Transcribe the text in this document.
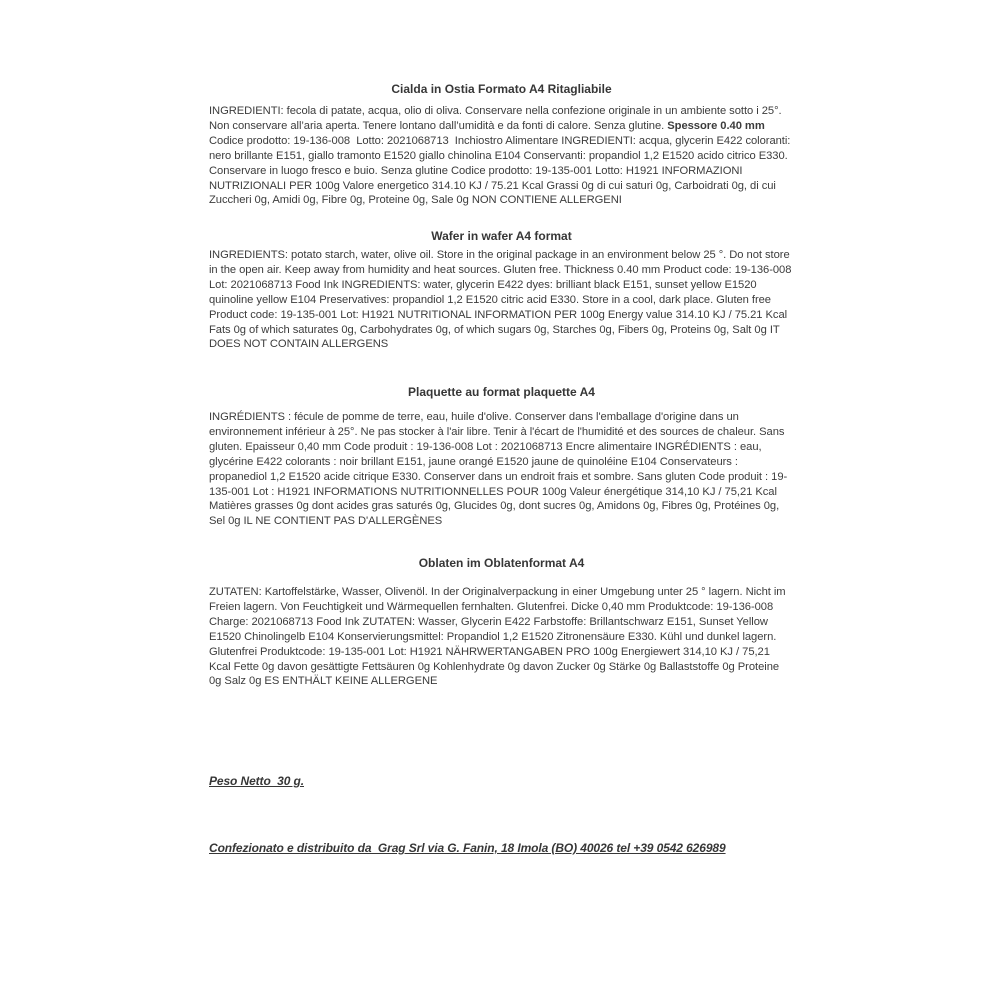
Cialda in Ostia Formato A4 Ritagliabile

INGREDIENTI: fecola di patate, acqua, olio di oliva. Conservare nella confezione originale in un ambiente sotto i 25°. Non conservare all’aria aperta. Tenere lontano dall’umidità e da fonti di calore. Senza glutine. Spessore 0.40 mm Codice prodotto: 19-136-008  Lotto: 2021068713  Inchiostro Alimentare INGREDIENTI: acqua, glycerin E422 coloranti: nero brillante E151, giallo tramonto E1520 giallo chinolina E104 Conservanti: propandiol 1,2 E1520 acido citrico E330. Conservare in luogo fresco e buio. Senza glutine Codice prodotto: 19-135-001 Lotto: H1921 INFORMAZIONI NUTRIZIONALI PER 100g Valore energetico 314.10 KJ / 75.21 Kcal Grassi 0g di cui saturi 0g, Carboidrati 0g, di cui Zuccheri 0g, Amidi 0g, Fibre 0g, Proteine 0g, Sale 0g NON CONTIENE ALLERGENI

Wafer in wafer A4 format

INGREDIENTS: potato starch, water, olive oil. Store in the original package in an environment below 25 °. Do not store in the open air. Keep away from humidity and heat sources. Gluten free. Thickness 0.40 mm Product code: 19-136-008 Lot: 2021068713 Food Ink INGREDIENTS: water, glycerin E422 dyes: brilliant black E151, sunset yellow E1520 quinoline yellow E104 Preservatives: propandiol 1,2 E1520 citric acid E330. Store in a cool, dark place. Gluten free Product code: 19-135-001 Lot: H1921 NUTRITIONAL INFORMATION PER 100g Energy value 314.10 KJ / 75.21 Kcal Fats 0g of which saturates 0g, Carbohydrates 0g, of which sugars 0g, Starches 0g, Fibers 0g, Proteins 0g, Salt 0g IT DOES NOT CONTAIN ALLERGENS

Plaquette au format plaquette A4

INGRÉDIENTS : fécule de pomme de terre, eau, huile d'olive. Conserver dans l'emballage d'origine dans un environnement inférieur à 25°. Ne pas stocker à l'air libre. Tenir à l'écart de l'humidité et des sources de chaleur. Sans gluten. Epaisseur 0,40 mm Code produit : 19-136-008 Lot : 2021068713 Encre alimentaire INGRÉDIENTS : eau, glycérine E422 colorants : noir brillant E151, jaune orangé E1520 jaune de quinoléine E104 Conservateurs : propanediol 1,2 E1520 acide citrique E330. Conserver dans un endroit frais et sombre. Sans gluten Code produit : 19-135-001 Lot : H1921 INFORMATIONS NUTRITIONNELLES POUR 100g Valeur énergétique 314,10 KJ / 75,21 Kcal Matières grasses 0g dont acides gras saturés 0g, Glucides 0g, dont sucres 0g, Amidons 0g, Fibres 0g, Protéines 0g, Sel 0g IL NE CONTIENT PAS D'ALLERGÈNES

Oblaten im Oblatenformat A4

ZUTATEN: Kartoffelstärke, Wasser, Olivenöl. In der Originalverpackung in einer Umgebung unter 25 ° lagern. Nicht im Freien lagern. Von Feuchtigkeit und Wärmequellen fernhalten. Glutenfrei. Dicke 0,40 mm Produktcode: 19-136-008 Charge: 2021068713 Food Ink ZUTATEN: Wasser, Glycerin E422 Farbstoffe: Brillantschwarz E151, Sunset Yellow E1520 Chinolingelb E104 Konservierungsmittel: Propandiol 1,2 E1520 Zitronensäure E330. Kühl und dunkel lagern. Glutenfrei Produktcode: 19-135-001 Lot: H1921 NÄHRWERTANGABEN PRO 100g Energiewert 314,10 KJ / 75,21 Kcal Fette 0g davon gesättigte Fettsäuren 0g Kohlenhydrate 0g davon Zucker 0g Stärke 0g Ballaststoffe 0g Proteine 0g Salz 0g ES ENTHÄLT KEINE ALLERGENE

Peso Netto  30 g.
Confezionato e distribuito da  Grag Srl via G. Fanin, 18 Imola (BO) 40026 tel +39 0542 626989
